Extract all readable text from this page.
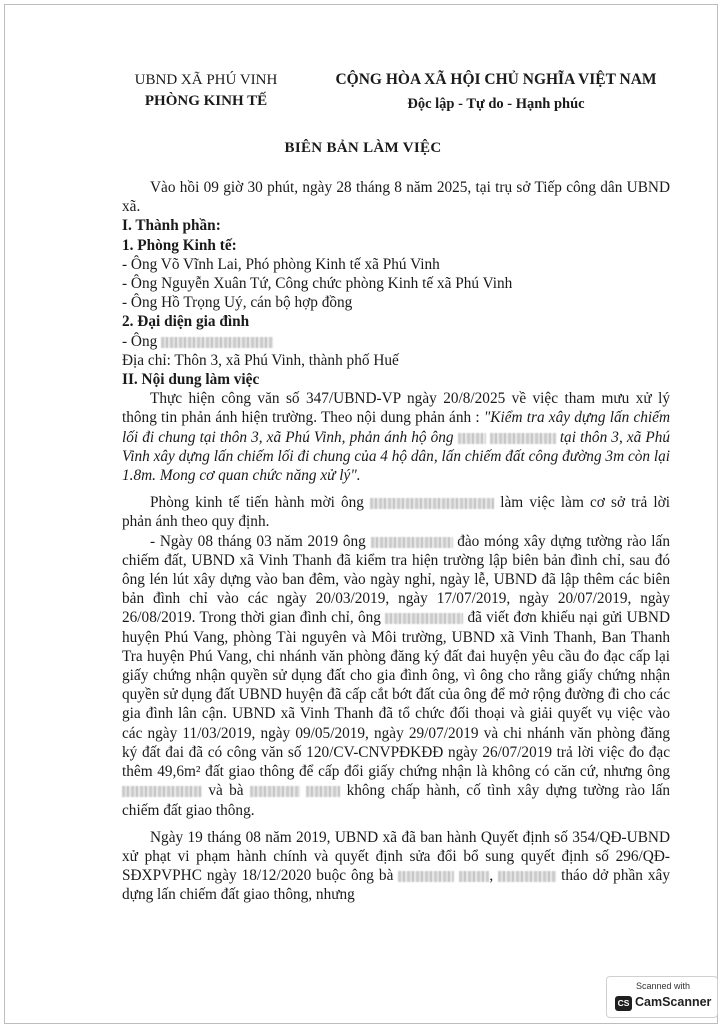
UBND XÃ PHÚ VINH
PHÒNG KINH TẾ
CỘNG HÒA XÃ HỘI CHỦ NGHĨA VIỆT NAM
Độc lập - Tự do - Hạnh phúc
BIÊN BẢN LÀM VIỆC

Vào hồi 09 giờ 30 phút, ngày 28 tháng 8 năm 2025, tại trụ sở Tiếp công dân UBND xã.

I. Thành phần:

1. Phòng Kinh tế:

- Ông Võ Vĩnh Lai, Phó phòng Kinh tế xã Phú Vinh

- Ông Nguyễn Xuân Tứ, Công chức phòng Kinh tế xã Phú Vinh

- Ông Hồ Trọng Uý, cán bộ hợp đồng

2. Đại diện gia đình

- Ông

Địa chỉ: Thôn 3, xã Phú Vinh, thành phố Huế

II. Nội dung làm việc

Thực hiện công văn số 347/UBND-VP ngày 20/8/2025 về việc tham mưu xử lý thông tin phản ánh hiện trường. Theo nội dung phản ánh : "Kiểm tra xây dựng lấn chiếm lối đi chung tại thôn 3, xã Phú Vinh, phản ánh hộ ông	tại thôn 3, xã Phú Vinh xây dựng lấn chiếm lối đi chung của 4 hộ dân, lấn chiếm đất công đường 3m còn lại 1.8m. Mong cơ quan chức năng xử lý".

Phòng kinh tế tiến hành mời ông	làm việc làm cơ sở trả lời phản ánh theo quy định.

- Ngày 08 tháng 03 năm 2019 ông	đào móng xây dựng tường rào lấn chiếm đất, UBND xã Vinh Thanh đã kiểm tra hiện trường lập biên bản đình chỉ, sau đó ông lén lút xây dựng vào ban đêm, vào ngày nghỉ, ngày lễ, UBND đã lập thêm các biên bản đình chỉ vào các ngày 20/03/2019, ngày 17/07/2019, ngày 20/07/2019, ngày 26/08/2019. Trong thời gian đình chỉ, ông	đã viết đơn khiếu nại gửi UBND huyện Phú Vang, phòng Tài nguyên và Môi trường, UBND xã Vinh Thanh, Ban Thanh Tra huyện Phú Vang, chi nhánh văn phòng đăng ký đất đai huyện yêu cầu đo đạc cấp lại giấy chứng nhận quyền sử dụng đất cho gia đình ông, vì ông cho rằng giấy chứng nhận quyền sử dụng đất UBND huyện đã cấp cắt bớt đất của ông để mở rộng đường đi cho các gia đình lân cận. UBND xã Vinh Thanh đã tổ chức đối thoại và giải quyết vụ việc vào các ngày 11/03/2019, ngày 09/05/2019, ngày 29/07/2019 và chi nhánh văn phòng đăng ký đất đai đã có công văn số 120/CV-CNVPĐKĐĐ ngày 26/07/2019 trả lời việc đo đạc thêm 49,6m² đất giao thông để cấp đổi giấy chứng nhận là không có căn cứ, nhưng ông  và bà	không chấp hành, cố tình xây dựng tường rào lấn chiếm đất giao thông.

Ngày 19 tháng 08 năm 2019, UBND xã đã ban hành Quyết định số 354/QĐ-UBND xử phạt vi phạm hành chính và quyết định sửa đổi bổ sung quyết định số 296/QĐ-SĐXPVPHC ngày 18/12/2020 buộc ông bà	,	tháo dở phần xây dựng lấn chiếm đất giao thông, nhưng

Scanned with
CS CamScanner
